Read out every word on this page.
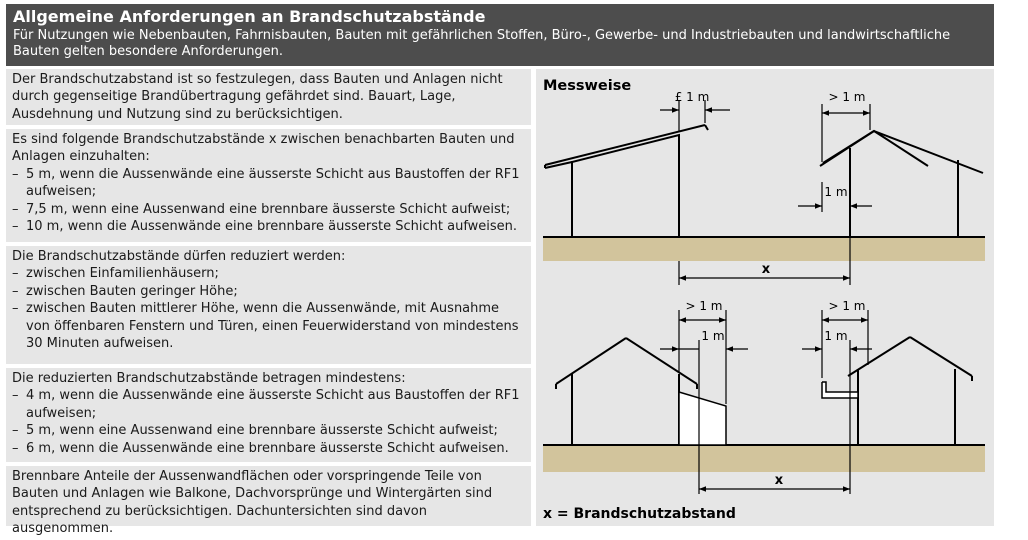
Allgemeine Anforderungen an Brandschutzabstände
Für Nutzungen wie Nebenbauten, Fahrnisbauten, Bauten mit gefährlichen Stoffen, Büro-, Gewerbe- und Industriebauten und landwirtschaftliche Bauten gelten besondere Anforderungen.

Der Brandschutzabstand ist so festzulegen, dass Bauten und Anlagen nicht durch gegenseitige Brandübertragung gefährdet sind. Bauart, Lage, Ausdehnung und Nutzung sind zu berücksichtigen.

Es sind folgende Brandschutzabstände x zwischen benachbarten Bauten und Anlagen einzuhalten:

– 5 m, wenn die Aussenwände eine äusserste Schicht aus Baustoffen der RF1 aufweisen;
– 7,5 m, wenn eine Aussenwand eine brennbare äusserste Schicht aufweist;
– 10 m, wenn die Aussenwände eine brennbare äusserste Schicht aufweisen.

Die Brandschutzabstände dürfen reduziert werden:

– zwischen Einfamilienhäusern;
– zwischen Bauten geringer Höhe;
– zwischen Bauten mittlerer Höhe, wenn die Aussenwände, mit Ausnahme von öffenbaren Fenstern und Türen, einen Feuerwiderstand von mindestens 30 Minuten aufweisen.

Die reduzierten Brandschutzabstände betragen mindestens:

– 4 m, wenn die Aussenwände eine äusserste Schicht aus Baustoffen der RF1 aufweisen;
– 5 m, wenn eine Aussenwand eine brennbare äusserste Schicht aufweist;
– 6 m, wenn die Aussenwände eine brennbare äusserste Schicht aufweisen.

Brennbare Anteile der Aussenwandflächen oder vorspringende Teile von Bauten und Anlagen wie Balkone, Dachvorsprünge und Wintergärten sind entsprechend zu berücksichtigen. Dachuntersichten sind davon ausgenommen.

Messweise
£ 1 m	> 1 m
1 m
x
> 1 m
1 m
> 1 m
1 m
x
x = Brandschutzabstand
